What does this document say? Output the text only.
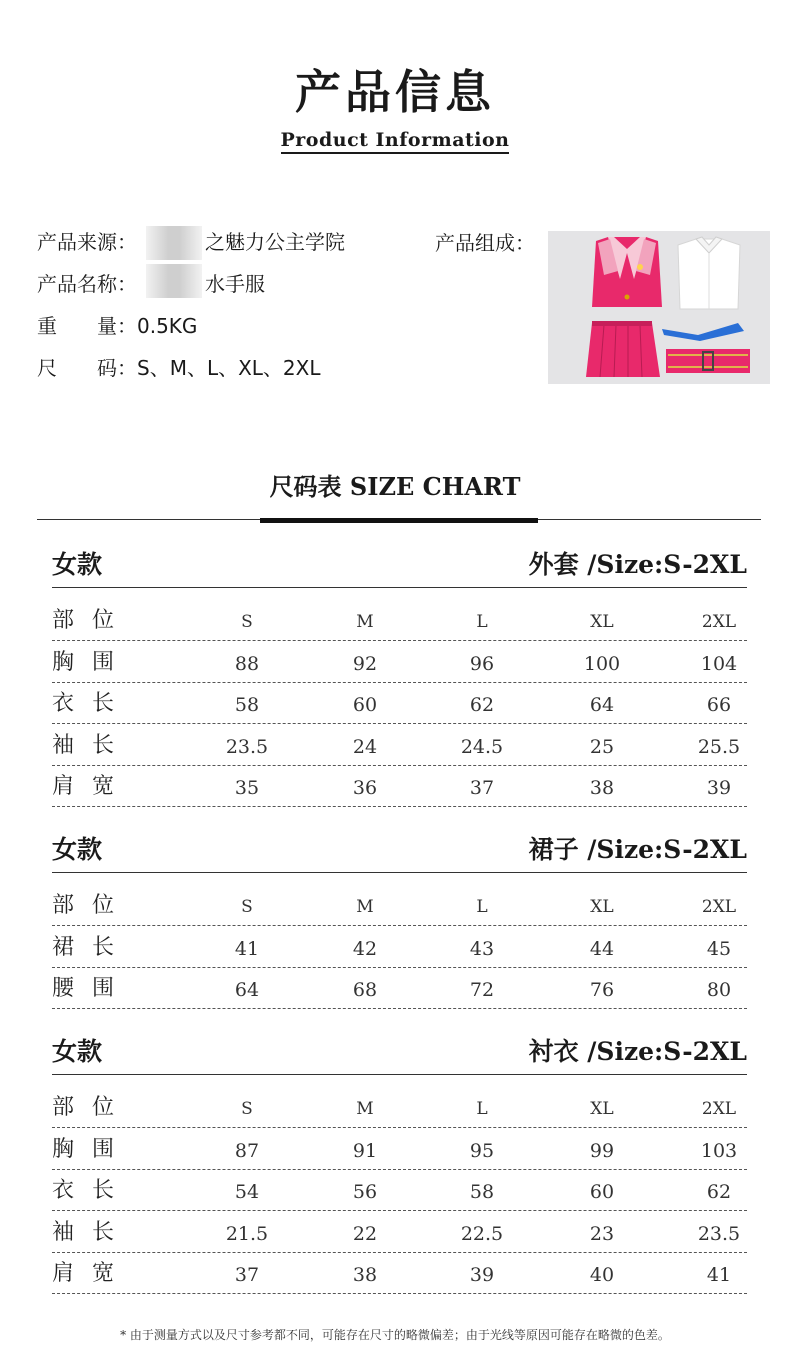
产品信息
Product Information
产品来源：	之魅力公主学院
产品名称：	水手服
重　　量：0.5KG
尺　　码：S、M、L、XL、2XL
产品组成：
尺码表 SIZE CHART
女款	外套 /Size:S-2XL
部位	S	M	L	XL	2XL
胸围	88	92	96	100	104
衣长	58	60	62	64	66
袖长	23.5	24	24.5	25	25.5
肩宽	35	36	37	38	39
女款	裙子 /Size:S-2XL
部位	S	M	L	XL	2XL
裙长	41	42	43	44	45
腰围	64	68	72	76	80
女款	衬衣 /Size:S-2XL
部位	S	M	L	XL	2XL
胸围	87	91	95	99	103
衣长	54	56	58	60	62
袖长	21.5	22	22.5	23	23.5
肩宽	37	38	39	40	41
* 由于测量方式以及尺寸参考都不同，可能存在尺寸的略微偏差；由于光线等原因可能存在略微的色差。
